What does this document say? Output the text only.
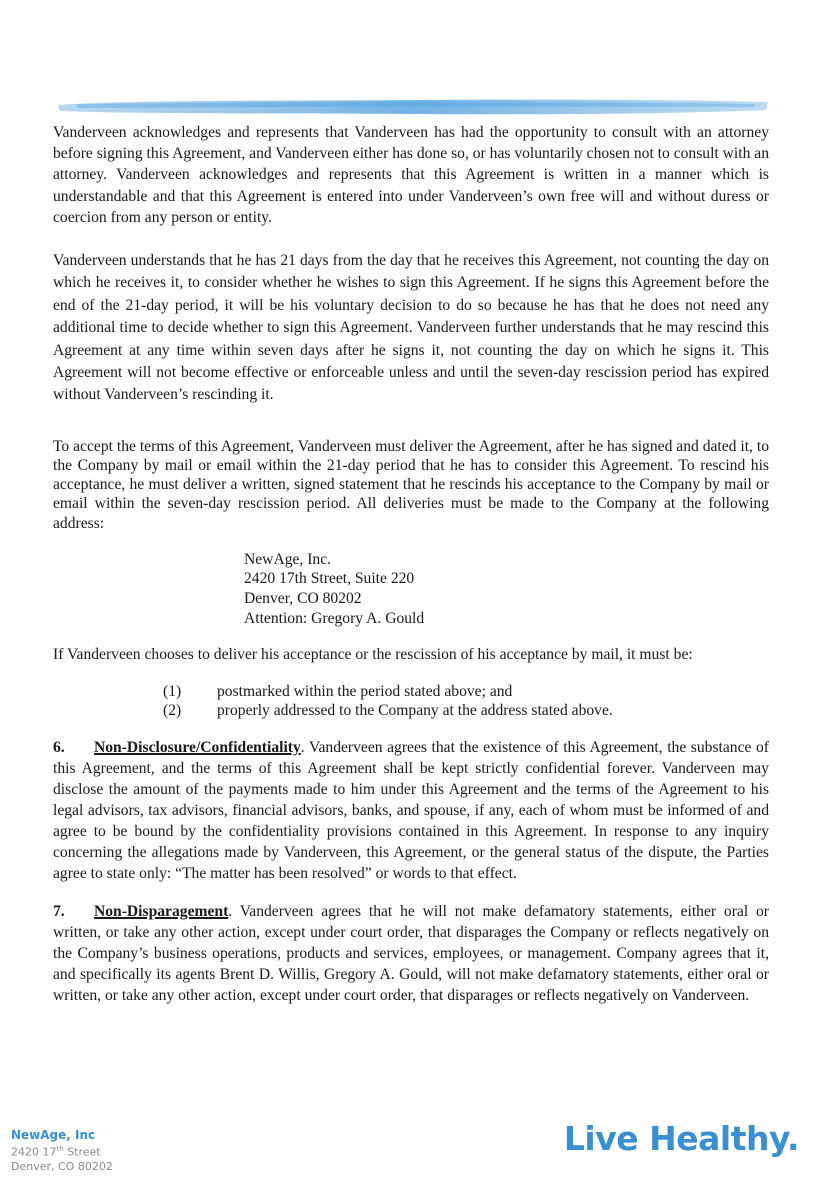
Vanderveen acknowledges and represents that Vanderveen has had the opportunity to consult with an attorney before signing this Agreement, and Vanderveen either has done so, or has voluntarily chosen not to consult with an attorney. Vanderveen acknowledges and represents that this Agreement is written in a manner which is understandable and that this Agreement is entered into under Vanderveen’s own free will and without duress or coercion from any person or entity.

Vanderveen understands that he has 21 days from the day that he receives this Agreement, not counting the day on which he receives it, to consider whether he wishes to sign this Agreement. If he signs this Agreement before the end of the 21-day period, it will be his voluntary decision to do so because he has that he does not need any additional time to decide whether to sign this Agreement. Vanderveen further understands that he may rescind this Agreement at any time within seven days after he signs it, not counting the day on which he signs it. This Agreement will not become effective or enforceable unless and until the seven-day rescission period has expired without Vanderveen’s rescinding it.

To accept the terms of this Agreement, Vanderveen must deliver the Agreement, after he has signed and dated it, to the Company by mail or email within the 21-day period that he has to consider this Agreement. To rescind his acceptance, he must deliver a written, signed statement that he rescinds his acceptance to the Company by mail or email within the seven-day rescission period. All deliveries must be made to the Company at the following address:

NewAge, Inc.
2420 17th Street, Suite 220
Denver, CO 80202
Attention: Gregory A. Gould

If Vanderveen chooses to deliver his acceptance or the rescission of his acceptance by mail, it must be:

(1)	postmarked within the period stated above; and
(2)	properly addressed to the Company at the address stated above.

6. Non-Disclosure/Confidentiality. Vanderveen agrees that the existence of this Agreement, the substance of this Agreement, and the terms of this Agreement shall be kept strictly confidential forever. Vanderveen may disclose the amount of the payments made to him under this Agreement and the terms of the Agreement to his legal advisors, tax advisors, financial advisors, banks, and spouse, if any, each of whom must be informed of and agree to be bound by the confidentiality provisions contained in this Agreement. In response to any inquiry concerning the allegations made by Vanderveen, this Agreement, or the general status of the dispute, the Parties agree to state only: “The matter has been resolved” or words to that effect.

7. Non-Disparagement. Vanderveen agrees that he will not make defamatory statements, either oral or written, or take any other action, except under court order, that disparages the Company or reflects negatively on the Company’s business operations, products and services, employees, or management. Company agrees that it, and specifically its agents Brent D. Willis, Gregory A. Gould, will not make defamatory statements, either oral or written, or take any other action, except under court order, that disparages or reflects negatively on Vanderveen.

NewAge, Inc
2420 17th Street
Denver, CO 80202
Live Healthy.
